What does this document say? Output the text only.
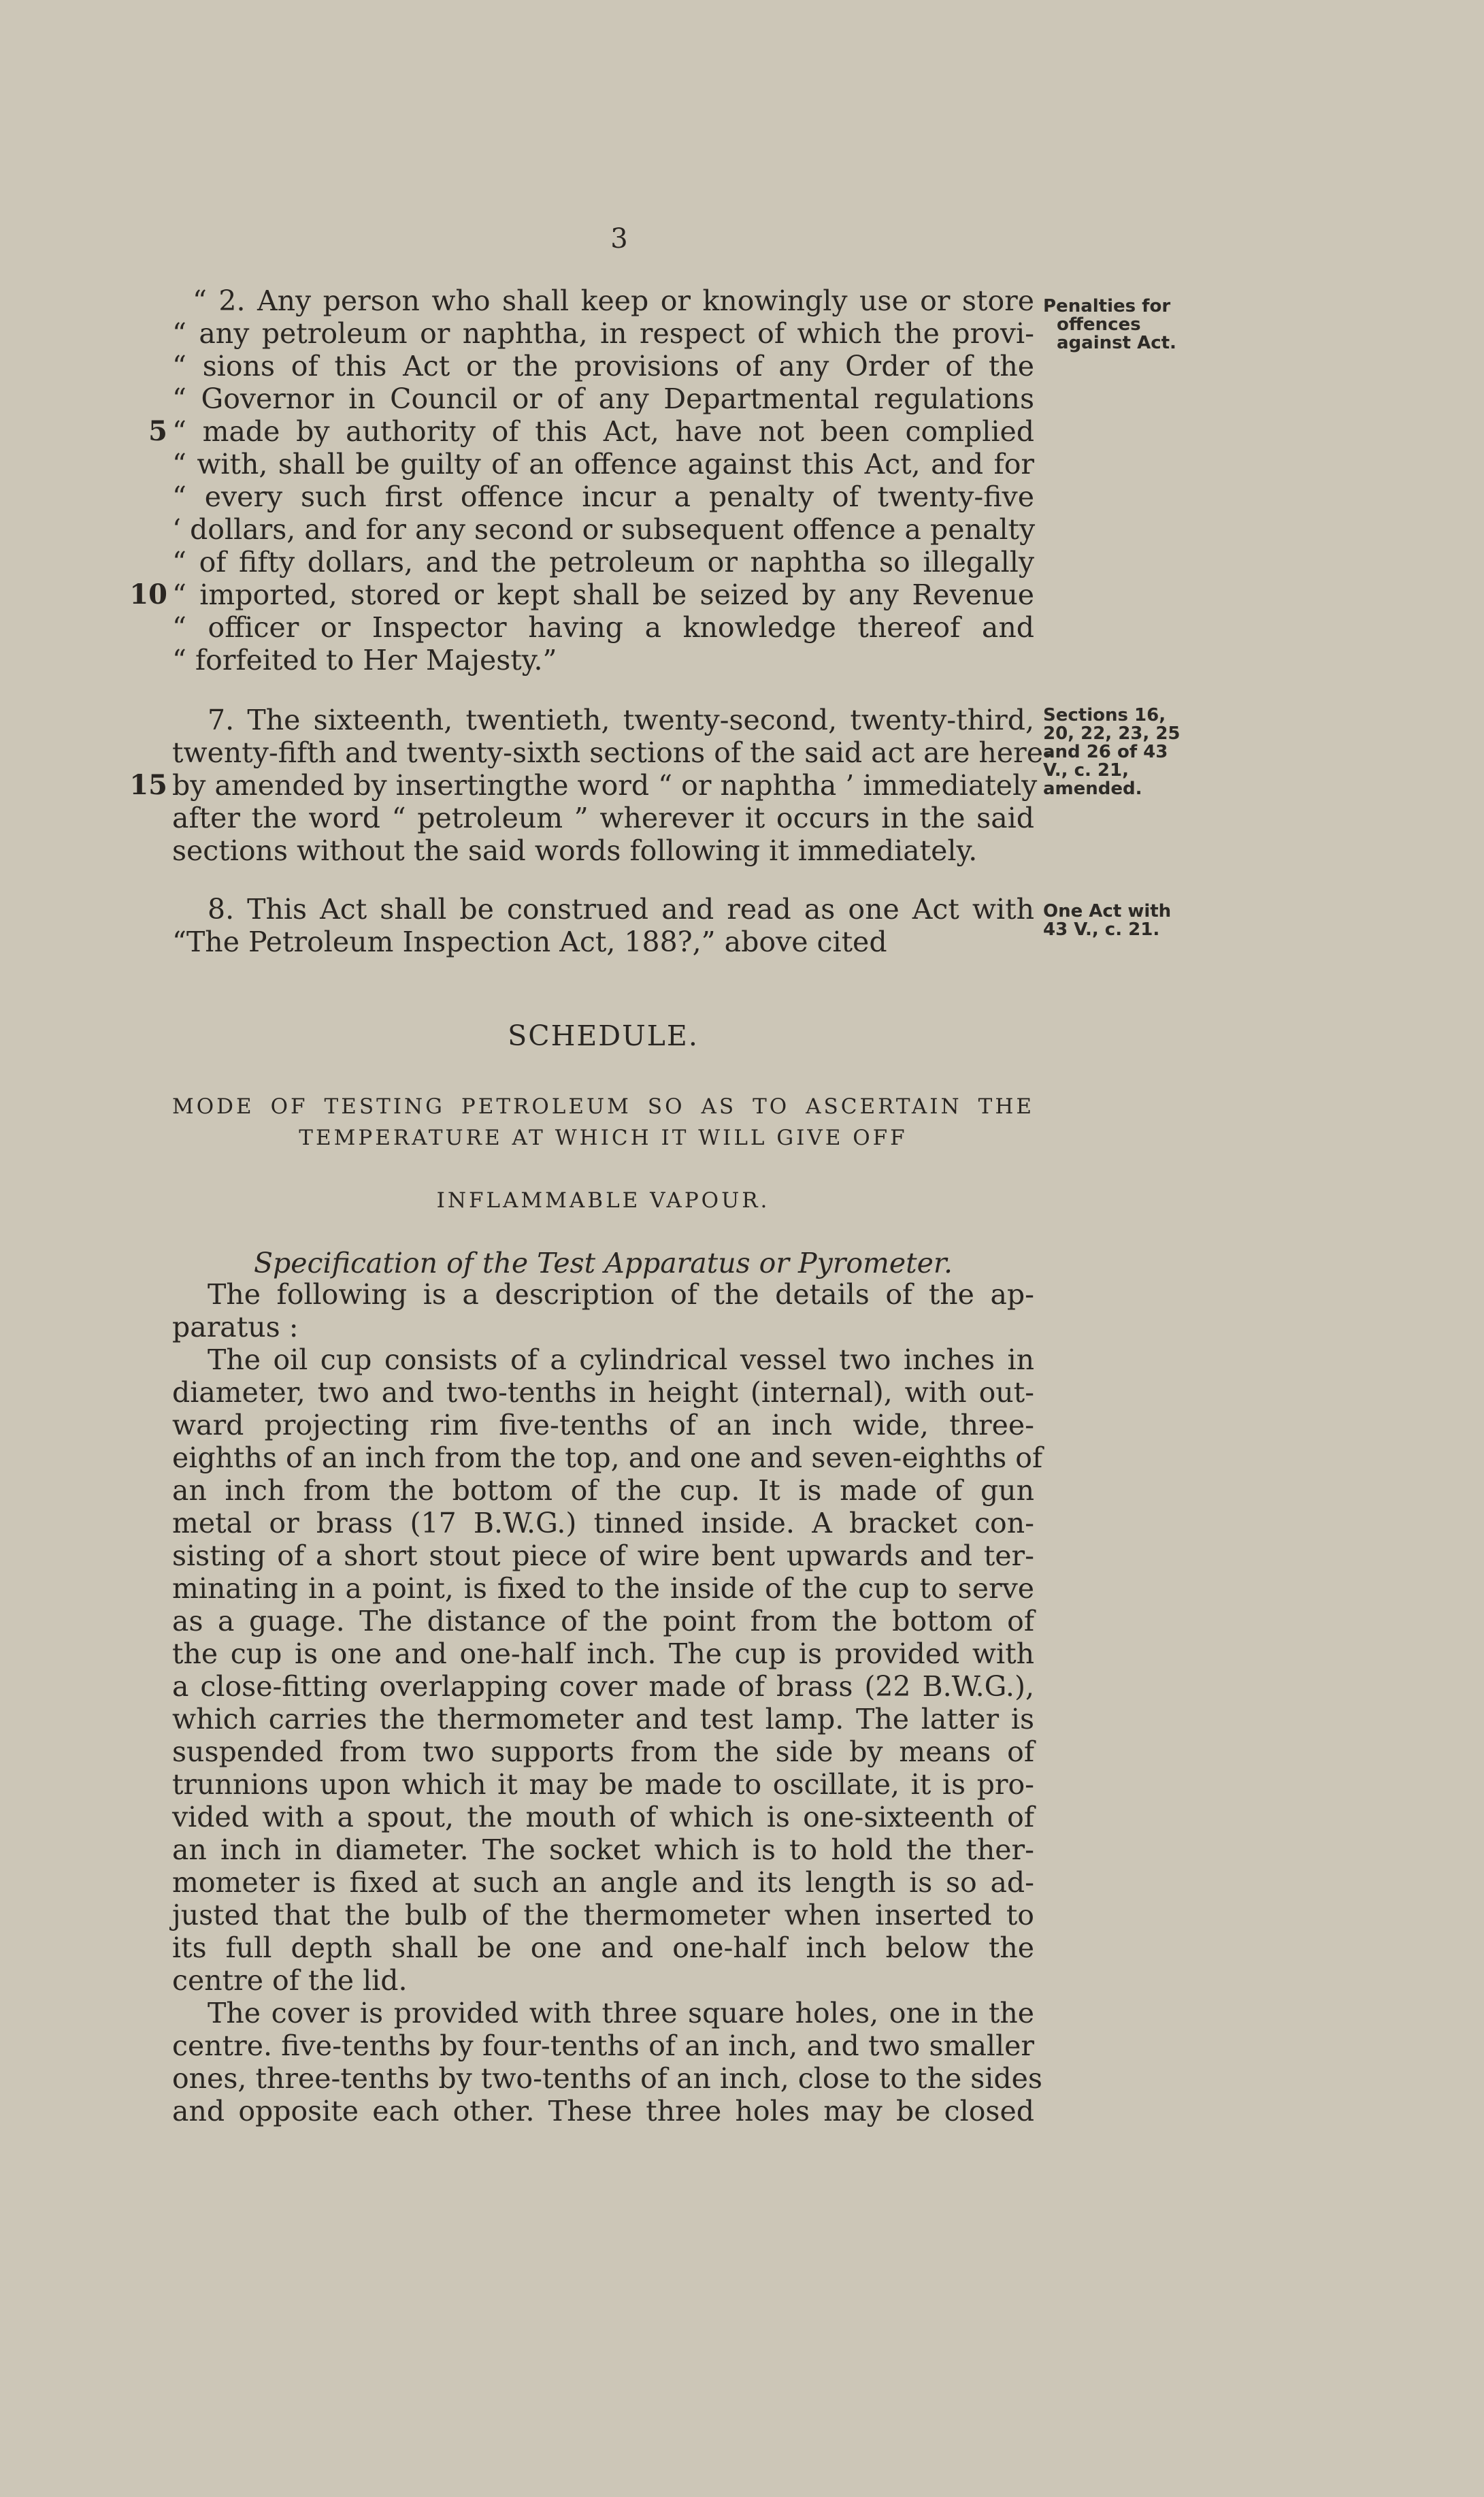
3
“ 2. Any person who shall keep or knowingly use or store
“ any petroleum or naphtha, in respect of which the provi-
“ sions of this Act or the provisions of any Order of the
“ Governor in Council or of any Departmental regulations
“ made by authority of this Act, have not been complied
“ with, shall be guilty of an offence against this Act, and for
“ every such first offence incur a penalty of twenty-five
‘ dollars, and for any second or subsequent offence a penalty
“ of fifty dollars, and the petroleum or naphtha so illegally
“ imported, stored or kept shall be seized by any Revenue
“ officer or Inspector having a knowledge thereof and
“ forfeited to Her Majesty.”
5
10
15
Penalties for
offences
against Act.
7. The sixteenth, twentieth, twenty-second, twenty-third,
twenty-fifth and twenty-sixth sections of the said act are here-
by amended by insertingthe word “ or naphtha ’ immediately
after the word “ petroleum ” wherever it occurs in the said
sections without the said words following it immediately.
Sections 16,
20, 22, 23, 25
and 26 of 43
V., c. 21,
amended.
8. This Act shall be construed and read as one Act with
“The Petroleum Inspection Act, 188?,” above cited
One Act with
43 V., c. 21.
SCHEDULE.
MODE OF TESTING PETROLEUM SO AS TO ASCERTAIN THE
TEMPERATURE AT WHICH IT WILL GIVE OFF
INFLAMMABLE VAPOUR.
Specification of the Test Apparatus or Pyrometer.
The following is a description of the details of the ap-
paratus :
The oil cup consists of a cylindrical vessel two inches in
diameter, two and two-tenths in height (internal), with out-
ward projecting rim five-tenths of an inch wide, three-
eighths of an inch from the top, and one and seven-eighths of
an inch from the bottom of the cup. It is made of gun
metal or brass (17 B.W.G.) tinned inside. A bracket con-
sisting of a short stout piece of wire bent upwards and ter-
minating in a point, is fixed to the inside of the cup to serve
as a guage. The distance of the point from the bottom of
the cup is one and one-half inch. The cup is provided with
a close-fitting overlapping cover made of brass (22 B.W.G.),
which carries the thermometer and test lamp. The latter is
suspended from two supports from the side by means of
trunnions upon which it may be made to oscillate, it is pro-
vided with a spout, the mouth of which is one-sixteenth of
an inch in diameter. The socket which is to hold the ther-
mometer is fixed at such an angle and its length is so ad-
justed that the bulb of the thermometer when inserted to
its full depth shall be one and one-half inch below the
centre of the lid.
The cover is provided with three square holes, one in the
centre. five-tenths by four-tenths of an inch, and two smaller
ones, three-tenths by two-tenths of an inch, close to the sides
and opposite each other. These three holes may be closed
